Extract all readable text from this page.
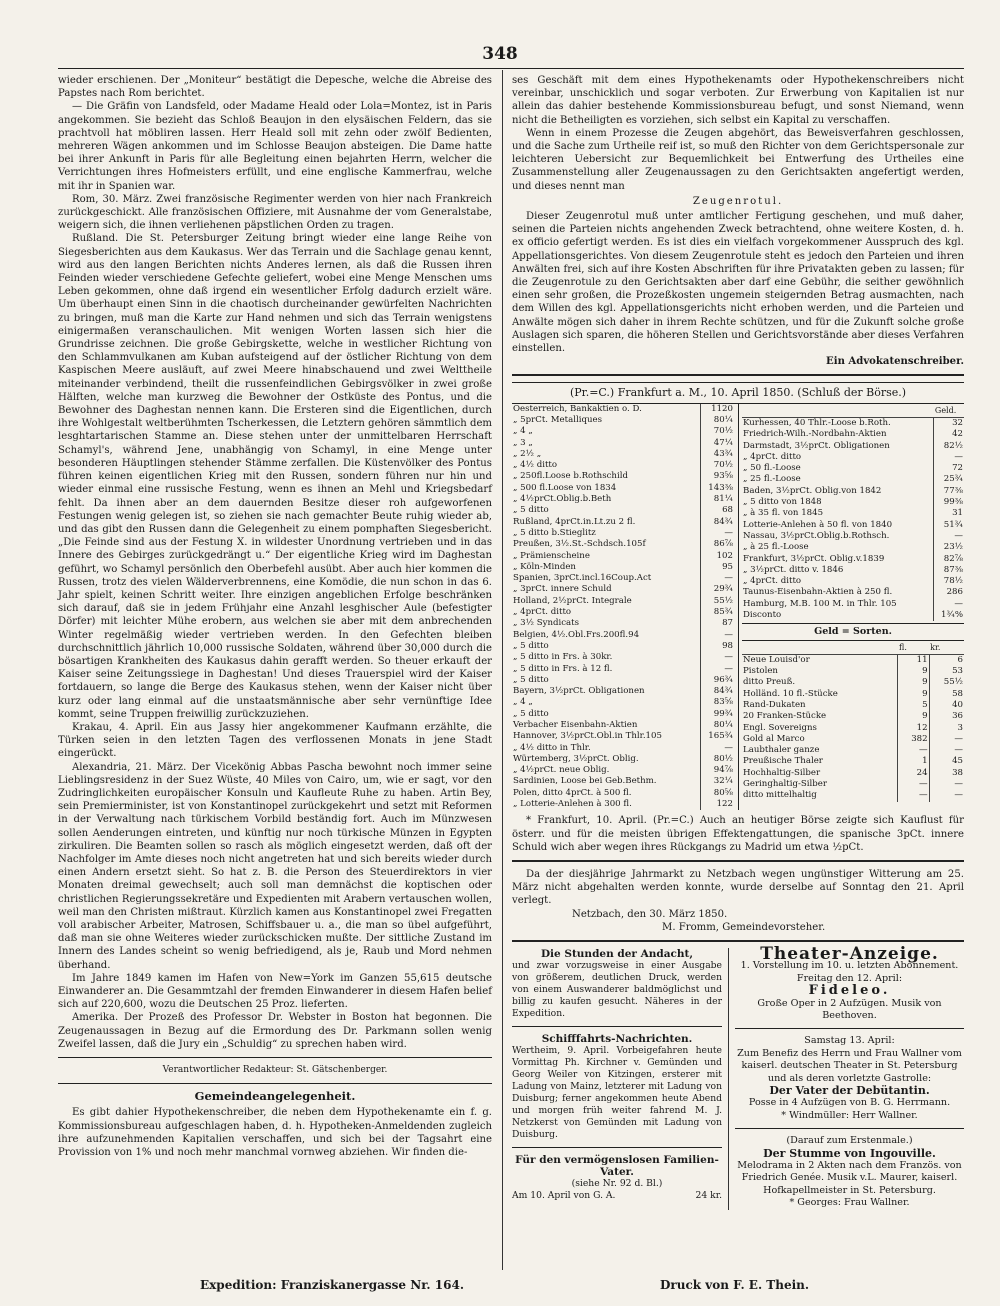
348

wieder erschienen. Der „Moniteur“ bestätigt die Depesche, welche die Abreise des Papstes nach Rom berichtet.

— Die Gräfin von Landsfeld, oder Madame Heald oder Lola=Montez, ist in Paris angekommen. Sie bezieht das Schloß Beaujon in den elysäischen Feldern, das sie prachtvoll hat möbliren lassen. Herr Heald soll mit zehn oder zwölf Bedienten, mehreren Wägen ankommen und im Schlosse Beaujon absteigen. Die Dame hatte bei ihrer Ankunft in Paris für alle Begleitung einen bejahrten Herrn, welcher die Verrichtungen ihres Hofmeisters erfüllt, und eine englische Kammerfrau, welche mit ihr in Spanien war.

Rom, 30. März. Zwei französische Regimenter werden von hier nach Frankreich zurückgeschickt. Alle französischen Offiziere, mit Ausnahme der vom Generalstabe, weigern sich, die ihnen verliehenen päpstlichen Orden zu tragen.

Rußland. Die St. Petersburger Zeitung bringt wieder eine lange Reihe von Siegesberichten aus dem Kaukasus. Wer das Terrain und die Sachlage genau kennt, wird aus den langen Berichten nichts Anderes lernen, als daß die Russen ihren Feinden wieder verschiedene Gefechte geliefert, wobei eine Menge Menschen ums Leben gekommen, ohne daß irgend ein wesentlicher Erfolg dadurch erzielt wäre. Um überhaupt einen Sinn in die chaotisch durcheinander gewürfelten Nachrichten zu bringen, muß man die Karte zur Hand nehmen und sich das Terrain wenigstens einigermaßen veranschaulichen. Mit wenigen Worten lassen sich hier die Grundrisse zeichnen. Die große Gebirgskette, welche in westlicher Richtung von den Schlammvulkanen am Kuban aufsteigend auf der östlicher Richtung von dem Kaspischen Meere ausläuft, auf zwei Meere hinabschauend und zwei Welttheile miteinander verbindend, theilt die russenfeindlichen Gebirgsvölker in zwei große Hälften, welche man kurzweg die Bewohner der Ostküste des Pontus, und die Bewohner des Daghestan nennen kann. Die Ersteren sind die Eigentlichen, durch ihre Wohlgestalt weltberühmten Tscherkessen, die Letztern gehören sämmtlich dem lesghtartarischen Stamme an. Diese stehen unter der unmittelbaren Herrschaft Schamyl's, während Jene, unabhängig von Schamyl, in eine Menge unter besonderen Häuptlingen stehender Stämme zerfallen. Die Küstenvölker des Pontus führen keinen eigentlichen Krieg mit den Russen, sondern führen nur hin und wieder einmal eine russische Festung, wenn es ihnen an Mehl und Kriegsbedarf fehlt. Da ihnen aber an dem dauernden Besitze dieser roh aufgeworfenen Festungen wenig gelegen ist, so ziehen sie nach gemachter Beute ruhig wieder ab, und das gibt den Russen dann die Gelegenheit zu einem pomphaften Siegesbericht. „Die Feinde sind aus der Festung X. in wildester Unordnung vertrieben und in das Innere des Gebirges zurückgedrängt u.“ Der eigentliche Krieg wird im Daghestan geführt, wo Schamyl persönlich den Oberbefehl ausübt. Aber auch hier kommen die Russen, trotz des vielen Wälderverbrennens, eine Komödie, die nun schon in das 6. Jahr spielt, keinen Schritt weiter. Ihre einzigen angeblichen Erfolge beschränken sich darauf, daß sie in jedem Frühjahr eine Anzahl lesghischer Aule (befestigter Dörfer) mit leichter Mühe erobern, aus welchen sie aber mit dem anbrechenden Winter regelmäßig wieder vertrieben werden. In den Gefechten bleiben durchschnittlich jährlich 10,000 russische Soldaten, während über 30,000 durch die bösartigen Krankheiten des Kaukasus dahin gerafft werden. So theuer erkauft der Kaiser seine Zeitungssiege in Daghestan! Und dieses Trauerspiel wird der Kaiser fortdauern, so lange die Berge des Kaukasus stehen, wenn der Kaiser nicht über kurz oder lang einmal auf die unstaatsmännische aber sehr vernünftige Idee kommt, seine Truppen freiwillig zurückzuziehen.

Krakau, 4. April. Ein aus Jassy hier angekommener Kaufmann erzählte, die Türken seien in den letzten Tagen des verflossenen Monats in jene Stadt eingerückt.

Alexandria, 21. März. Der Vicekönig Abbas Pascha bewohnt noch immer seine Lieblingsresidenz in der Suez Wüste, 40 Miles von Cairo, um, wie er sagt, vor den Zudringlichkeiten europäischer Konsuln und Kaufleute Ruhe zu haben. Artin Bey, sein Premierminister, ist von Konstantinopel zurückgekehrt und setzt mit Reformen in der Verwaltung nach türkischem Vorbild beständig fort. Auch im Münzwesen sollen Aenderungen eintreten, und künftig nur noch türkische Münzen in Egypten zirkuliren. Die Beamten sollen so rasch als möglich eingesetzt werden, daß oft der Nachfolger im Amte dieses noch nicht angetreten hat und sich bereits wieder durch einen Andern ersetzt sieht. So hat z. B. die Person des Steuerdirektors in vier Monaten dreimal gewechselt; auch soll man demnächst die koptischen oder christlichen Regierungssekretäre und Expedienten mit Arabern vertauschen wollen, weil man den Christen mißtraut. Kürzlich kamen aus Konstantinopel zwei Fregatten voll arabischer Arbeiter, Matrosen, Schiffsbauer u. a., die man so übel aufgeführt, daß man sie ohne Weiteres wieder zurückschicken mußte. Der sittliche Zustand im Innern des Landes scheint so wenig befriedigend, als je, Raub und Mord nehmen überhand.

Im Jahre 1849 kamen im Hafen von New=York im Ganzen 55,615 deutsche Einwanderer an. Die Gesammtzahl der fremden Einwanderer in diesem Hafen belief sich auf 220,600, wozu die Deutschen 25 Proz. lieferten.

Amerika. Der Prozeß des Professor Dr. Webster in Boston hat begonnen. Die Zeugenaussagen in Bezug auf die Ermordung des Dr. Parkmann sollen wenig Zweifel lassen, daß die Jury ein „Schuldig“ zu sprechen haben wird.

Verantwortlicher Redakteur: St. Gätschenberger.
Gemeindeangelegenheit.

Es gibt dahier Hypothekenschreiber, die neben dem Hypothekenamte ein f. g. Kommissionsbureau aufgeschlagen haben, d. h. Hypotheken-Anmeldenden zugleich ihre aufzunehmenden Kapitalien verschaffen, und sich bei der Tagsahrt eine Provission von 1% und noch mehr manchmal vornweg abziehen. Wir finden die-

ses Geschäft mit dem eines Hypothekenamts oder Hypothekenschreibers nicht vereinbar, unschicklich und sogar verboten. Zur Erwerbung von Kapitalien ist nur allein das dahier bestehende Kommissionsbureau befugt, und sonst Niemand, wenn nicht die Betheiligten es vorziehen, sich selbst ein Kapital zu verschaffen.

Wenn in einem Prozesse die Zeugen abgehört, das Beweisverfahren geschlossen, und die Sache zum Urtheile reif ist, so muß den Richter von dem Gerichtspersonale zur leichteren Uebersicht zur Bequemlichkeit bei Entwerfung des Urtheiles eine Zusammenstellung aller Zeugenaussagen zu den Gerichtsakten angefertigt werden, und dieses nennt man

Zeugenrotul.

Dieser Zeugenrotul muß unter amtlicher Fertigung geschehen, und muß daher, seinen die Parteien nichts angehenden Zweck betrachtend, ohne weitere Kosten, d. h. ex officio gefertigt werden. Es ist dies ein vielfach vorgekommener Ausspruch des kgl. Appellationsgerichtes. Von diesem Zeugenrotule steht es jedoch den Parteien und ihren Anwälten frei, sich auf ihre Kosten Abschriften für ihre Privatakten geben zu lassen; für die Zeugenrotule zu den Gerichtsakten aber darf eine Gebühr, die seither gewöhnlich einen sehr großen, die Prozeßkosten ungemein steigernden Betrag ausmachten, nach dem Willen des kgl. Appellationsgerichts nicht erhoben werden, und die Parteien und Anwälte mögen sich daher in ihrem Rechte schützen, und für die Zukunft solche große Auslagen sich sparen, die höheren Stellen und Gerichtsvorstände aber dieses Verfahren einstellen.

Ein Advokatenschreiber.
(Pr.=C.) Frankfurt a. M., 10. April 1850. (Schluß der Börse.)
Oesterreich, Bankaktien o. D.	1120
„ 5prCt. Metalliques	80¼
„ 4 „	70½
„ 3 „	47¼
„ 2½ „	43¾
„ 4½ ditto	70½
„ 250fl.Loose b.Rothschild	93⅝
„ 500 fl.Loose von 1834	143⅜
„ 4½prCt.Oblig.b.Beth	81¼
„ 5 ditto	68
Rußland, 4prCt.in.Lt.zu 2 fl.	84¾
„ 5 ditto b.Stieglitz	—
Preußen, 3½.St.-Schdsch.105f	86⅞
„ Prämienscheine	102
„ Köln-Minden	95
Spanien, 3prCt.incl.16Coup.Act	—
„ 3prCt. innere Schuld	29¾
Holland, 2½prCt. Integrale	55½
„ 4prCt. ditto	85¾
„ 3½ Syndicats	87
Belgien, 4½.Obl.Frs.200fl.94	—
„ 5 ditto	98
„ 5 ditto in Frs. à 30kr.	—
„ 5 ditto in Frs. à 12 fl.	—
„ 5 ditto	96¾
Bayern, 3½prCt. Obligationen	84¾
„ 4 „	83⅝
„ 5 ditto	99¾
Verbacher Eisenbahn-Aktien	80¼
Hannover, 3½prCt.Obl.in Thlr.105	165¾
„ 4½ ditto in Thlr.	—
Würtemberg, 3½prCt. Oblig.	80½
„ 4½prCt. neue Oblig.	94⅞
Sardinien, Loose bei Geb.Bethm.	32¼
Polen, ditto 4prCt. à 500 fl.	80⅝
„ Lotterie-Anlehen à 300 fl.	122
	Geld.
Kurhessen, 40 Thlr.-Loose b.Roth.	32
Friedrich-Wilh.-Nordbahn-Aktien	42
Darmstadt, 3½prCt. Obligationen	82½
„ 4prCt. ditto	—
„ 50 fl.-Loose	72
„ 25 fl.-Loose	25¾
Baden, 3½prCt. Oblig.von 1842	77⅜
„ 5 ditto von 1848	99⅜
„ à 35 fl. von 1845	31
Lotterie-Anlehen à 50 fl. von 1840	51¾
Nassau, 3½prCt.Oblig.b.Rothsch.	—
„ à 25 fl.-Loose	23½
Frankfurt, 3½prCt. Oblig.v.1839	82⅞
„ 3½prCt. ditto v. 1846	87⅜
„ 4prCt. ditto	78½
Taunus-Eisenbahn-Aktien à 250 fl.	286
Hamburg, M.B. 100 M. in Thlr. 105	—
Disconto	1¾%
Geld = Sorten.
	fl.	kr.
Neue Louisd'or	11	6
Pistolen	9	53
ditto Preuß.	9	55½
Holländ. 10 fl.-Stücke	9	58
Rand-Dukaten	5	40
20 Franken-Stücke	9	36
Engl. Sovereigns	12	3
Gold al Marco	382	—
Laubthaler ganze	—	—
Preußische Thaler	1	45
Hochhaltig-Silber	24	38
Geringhaltig-Silber	—	—
ditto mittelhaltig	—	—

* Frankfurt, 10. April. (Pr.=C.) Auch an heutiger Börse zeigte sich Kauflust für österr. und für die meisten übrigen Effektengattungen, die spanische 3pCt. innere Schuld wich aber wegen ihres Rückgangs zu Madrid um etwa ½pCt.

Da der diesjährige Jahrmarkt zu Netzbach wegen ungünstiger Witterung am 25. März nicht abgehalten werden konnte, wurde derselbe auf Sonntag den 21. April verlegt.

Netzbach, den 30. März 1850.
M. Fromm, Gemeindevorsteher.
Die Stunden der Andacht,
und zwar vorzugsweise in einer Ausgabe von größerem, deutlichen Druck, werden von einem Auswanderer baldmöglichst und billig zu kaufen gesucht. Näheres in der Expedition.
Schifffahrts-Nachrichten.
Wertheim, 9. April. Vorbeigefahren heute Vormittag Ph. Kirchner v. Gemünden und Georg Weiler von Kitzingen, ersterer mit Ladung von Mainz, letzterer mit Ladung von Duisburg; ferner angekommen heute Abend und morgen früh weiter fahrend M. J. Netzkerst von Gemünden mit Ladung von Duisburg.
Für den vermögenslosen Familien-Vater.
(siehe Nr. 92 d. Bl.)
Am 10. April von G. A.	24 kr.
Theater-Anzeige.
1. Vorstellung im 10. u. letzten Abonnement.
Freitag den 12. April:
Fideleo.
Große Oper in 2 Aufzügen. Musik von Beethoven.
Samstag 13. April:
Zum Benefiz des Herrn und Frau Wallner vom kaiserl. deutschen Theater in St. Petersburg und als deren vorletzte Gastrolle:
Der Vater der Debütantin.
Posse in 4 Aufzügen von B. G. Herrmann.
* Windmüller: Herr Wallner.
(Darauf zum Erstenmale.)
Der Stumme von Ingouville.
Melodrama in 2 Akten nach dem Französ. von Friedrich Genée. Musik v.L. Maurer, kaiserl. Hofkapellmeister in St. Petersburg.
* Georges: Frau Wallner.
Expedition: Franziskanergasse Nr. 164.	Druck von F. E. Thein.
